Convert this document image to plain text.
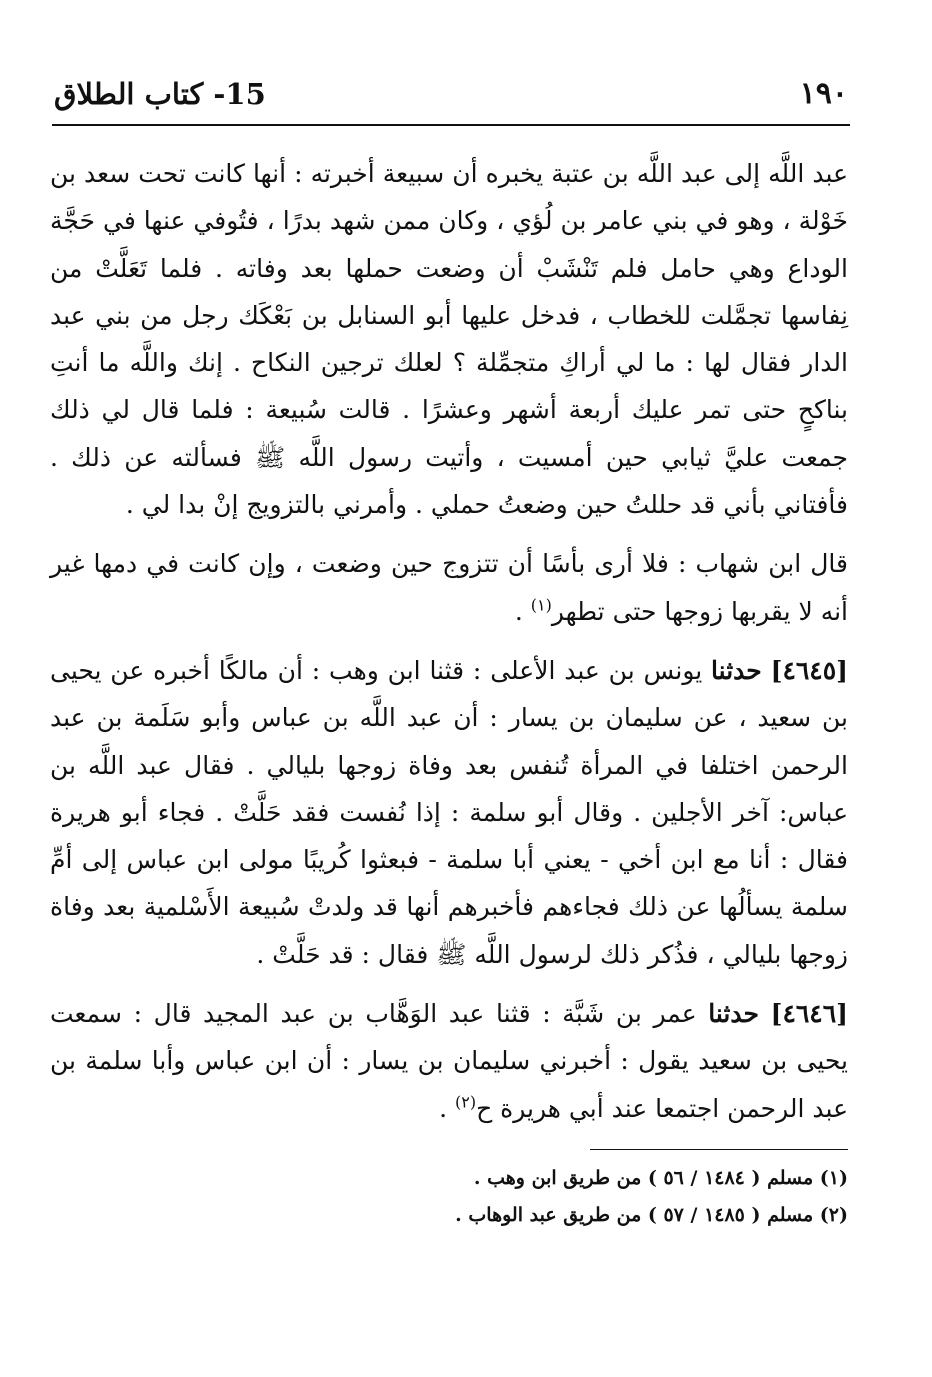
١٩٠
15- كتاب الطلاق

عبد اللَّه إلى عبد اللَّه بن عتبة يخبره أن سبيعة أخبرته : أنها كانت تحت سعد بن خَوْلة ، وهو في بني عامر بن لُؤي ، وكان ممن شهد بدرًا ، فتُوفي عنها في حَجَّة الوداع وهي حامل فلم تَنْشَبْ أن وضعت حملها بعد وفاته . فلما تَعَلَّتْ من نِفاسها تجمَّلت للخطاب ، فدخل عليها أبو السنابل بن بَعْكَك رجل من بني عبد الدار فقال لها : ما لي أراكِ متجمِّلة ؟ لعلك ترجين النكاح . إنك واللَّه ما أنتِ بناكحٍ حتى تمر عليك أربعة أشهر وعشرًا . قالت سُبيعة : فلما قال لي ذلك جمعت عليَّ ثيابي حين أمسيت ، وأتيت رسول اللَّه ﷺ فسألته عن ذلك . فأفتاني بأني قد حللتُ حين وضعتُ حملي . وأمرني بالتزويج إنْ بدا لي .

قال ابن شهاب : فلا أرى بأسًا أن تتزوج حين وضعت ، وإن كانت في دمها غير أنه لا يقربها زوجها حتى تطهر$^{(١)}$ .

[٤٦٤٥] حدثنا يونس بن عبد الأعلى : قثنا ابن وهب : أن مالكًا أخبره عن يحيى بن سعيد ، عن سليمان بن يسار : أن عبد اللَّه بن عباس وأبو سَلَمة بن عبد الرحمن اختلفا في المرأة تُنفس بعد وفاة زوجها بليالي . فقال عبد اللَّه بن عباس: آخر الأجلين . وقال أبو سلمة : إذا نُفست فقد حَلَّتْ . فجاء أبو هريرة فقال : أنا مع ابن أخي - يعني أبا سلمة - فبعثوا كُريبًا مولى ابن عباس إلى أمِّ سلمة يسألُها عن ذلك فجاءهم فأخبرهم أنها قد ولدتْ سُبيعة الأَسْلمية بعد وفاة زوجها بليالي ، فذُكر ذلك لرسول اللَّه ﷺ فقال : قد حَلَّتْ .

[٤٦٤٦] حدثنا عمر بن شَبَّة : قثنا عبد الوَهَّاب بن عبد المجيد قال : سمعت يحيى بن سعيد يقول : أخبرني سليمان بن يسار : أن ابن عباس وأبا سلمة بن عبد الرحمن اجتمعا عند أبي هريرة ح$^{(٢)}$ .

(١) مسلم ( ١٤٨٤ / ٥٦ ) من طريق ابن وهب .

(٢) مسلم ( ١٤٨٥ / ٥٧ ) من طريق عبد الوهاب .
